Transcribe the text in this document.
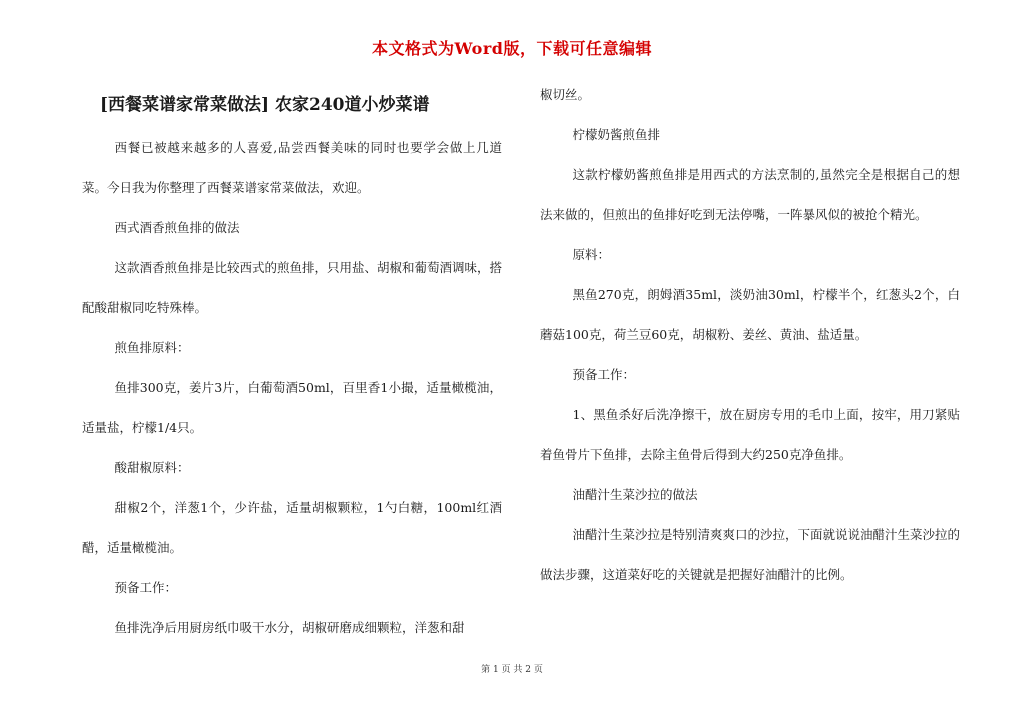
本文格式为Word版，下载可任意编辑
[西餐菜谱家常菜做法] 农家240道小炒菜谱

西餐已被越来越多的人喜爱,品尝西餐美味的同时也要学会做上几道菜。今日我为你整理了西餐菜谱家常菜做法，欢迎。

西式酒香煎鱼排的做法

这款酒香煎鱼排是比较西式的煎鱼排，只用盐、胡椒和葡萄酒调味，搭配酸甜椒同吃特殊棒。

煎鱼排原料：

鱼排300克，姜片3片，白葡萄酒50ml，百里香1小撮，适量橄榄油，适量盐，柠檬1/4只。

酸甜椒原料：

甜椒2个，洋葱1个，少许盐，适量胡椒颗粒，1勺白糖，100ml红酒醋，适量橄榄油。

预备工作：

鱼排洗净后用厨房纸巾吸干水分，胡椒研磨成细颗粒，洋葱和甜

椒切丝。

柠檬奶酱煎鱼排

这款柠檬奶酱煎鱼排是用西式的方法烹制的,虽然完全是根据自己的想法来做的，但煎出的鱼排好吃到无法停嘴，一阵暴风似的被抢个精光。

原料：

黑鱼270克，朗姆酒35ml，淡奶油30ml，柠檬半个，红葱头2个，白蘑菇100克，荷兰豆60克，胡椒粉、姜丝、黄油、盐适量。

预备工作：

1、黑鱼杀好后洗净擦干，放在厨房专用的毛巾上面，按牢，用刀紧贴着鱼骨片下鱼排，去除主鱼骨后得到大约250克净鱼排。

油醋汁生菜沙拉的做法

油醋汁生菜沙拉是特别清爽爽口的沙拉，下面就说说油醋汁生菜沙拉的做法步骤，这道菜好吃的关键就是把握好油醋汁的比例。

第 1 页 共 2 页
